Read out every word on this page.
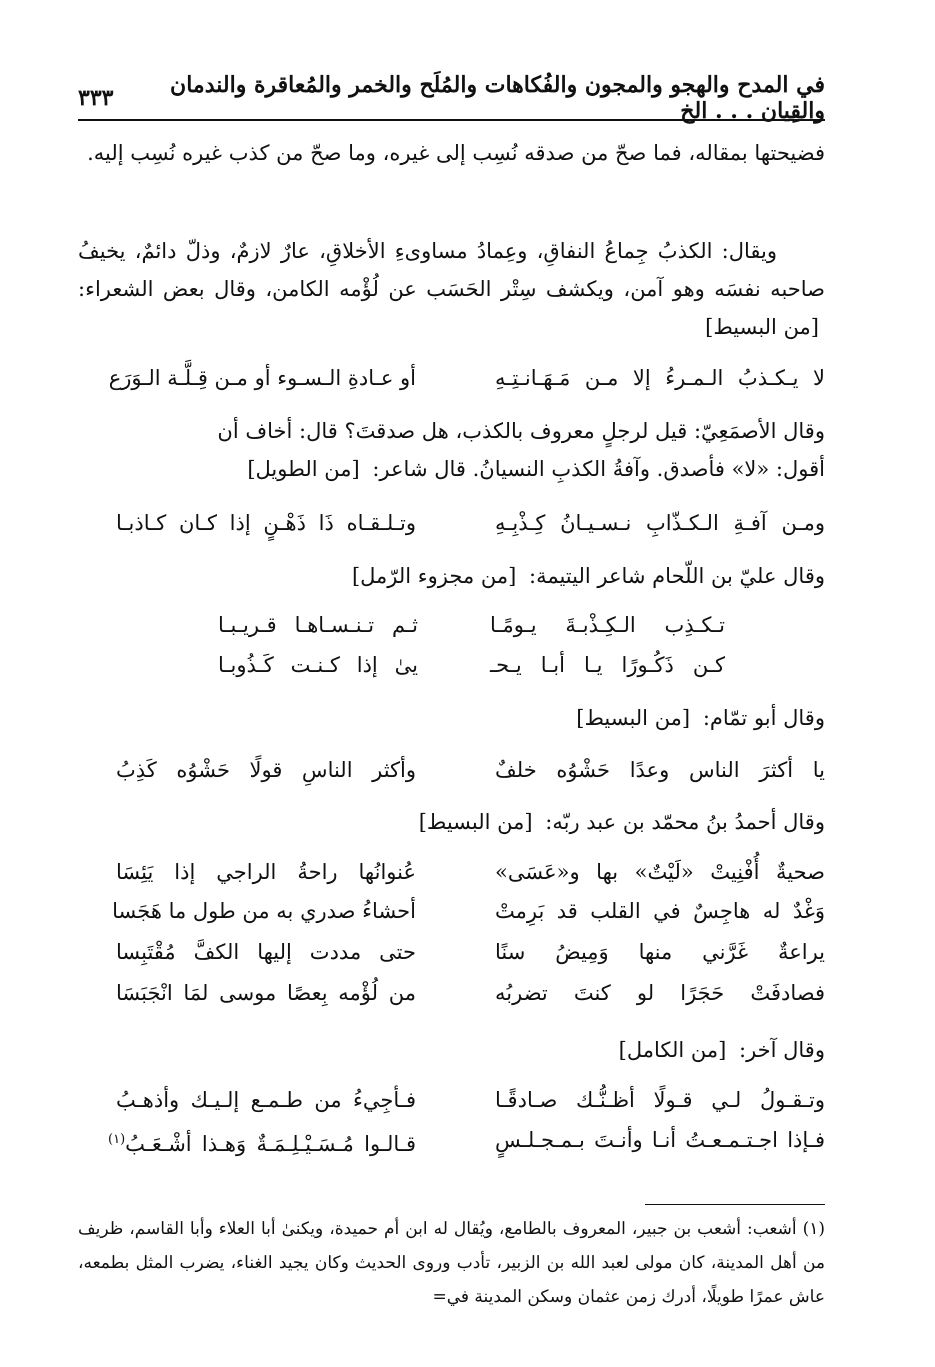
في المدح والهجو والمجون والفُكاهات والمُلَح والخمر والمُعاقرة والندمان والقِيان . . . الخ
٣٣٣

فضيحتها بمقاله، فما صحّ من صدقه نُسِب إلى غيره، وما صحّ من كذب غيره نُسِب إليه.

ويقال: الكذبُ جِماعُ النفاقِ، وعِمادُ مساوىءِ الأخلاقِ، عارٌ لازمٌ، وذلّ دائمٌ، يخيفُ صاحبه نفسَه وهو آمن، ويكشف سِتْر الحَسَب عن لُؤْمه الكامن، وقال بعض الشعراء: [من البسيط]

لا يـكـذبُ الـمـرءُ إلا مـن مَـهَـانـتِـهِ
أو عـادةِ الـسـوء أو مـن قِـلَّـة الـوَرَع
وقال الأصمَعِيّ: قيل لرجلٍ معروف بالكذب، هل صدقتَ؟ قال: أخاف أن
أقول: «لا» فأصدق. وآفةُ الكذبِ النسيانُ. قال شاعر: [من الطويل]
ومـن آفـةِ الـكـذّابِ نـسـيـانُ كِـذْبِـهِ
وتـلـقـاه ذَا ذَهْـنٍ إذا كـان كـاذبـا
وقال عليّ بن اللّحام شاعر اليتيمة: [من مجزوء الرّمل]
تـكـذِب الـكِـذْبـةَ يـومًـا
ثـم تـنـسـاهـا قـريـبـا
كـن ذَكُـورًا يـا أبـا يـحـ
يىٰ إذا كـنـت كَـذُوبـا
وقال أبو تمّام: [من البسيط]
يا أكثرَ الناس وعدًا حَشْوُه خلفٌ
وأكثر الناسِ قولًا حَشْوُه كَذِبُ
وقال أحمدُ بنُ محمّد بن عبد ربّه: [من البسيط]
صحيةٌ أُفْنِيتْ «لَيْتٌ» بها و«عَسَى»
عُنوانُها راحةُ الراجي إذا يَئِسَا
وَغْدٌ له هاجِسٌ في القلب قد بَرِمتْ
أحشاءُ صدري به من طول ما هَجَسا
يراعةٌ غَرَّني منها وَمِيضُ سنًا
حتى مددت إليها الكفَّ مُقْتَبِسا
فصادفَتْ حَجَرًا لو كنتَ تضربُه
من لُؤْمه بِعصًا موسى لمَا انْجَبَسَا
وقال آخر: [من الكامل]
وتـقـولُ لـي قـولًا أظـنُّـك صـادقًـا
فـأجِيءُ من طـمـع إلـيـك وأذهـبُ
فـإذا اجـتـمـعـتُ أنـا وأنـتَ بـمـجـلـسٍ
قـالـوا مُـسَـيْـلِـمَـةٌ وَهـذا أشْـعَـبُ$^{(١)}$

(١) أشعب: أشعب بن جبير، المعروف بالطامع، ويُقال له ابن أم حميدة، ويكنىٰ أبا العلاء وأبا القاسم، ظريف من أهل المدينة، كان مولى لعبد الله بن الزبير، تأدب وروى الحديث وكان يجيد الغناء، يضرب المثل بطمعه، عاش عمرًا طويلًا، أدرك زمن عثمان وسكن المدينة في=
